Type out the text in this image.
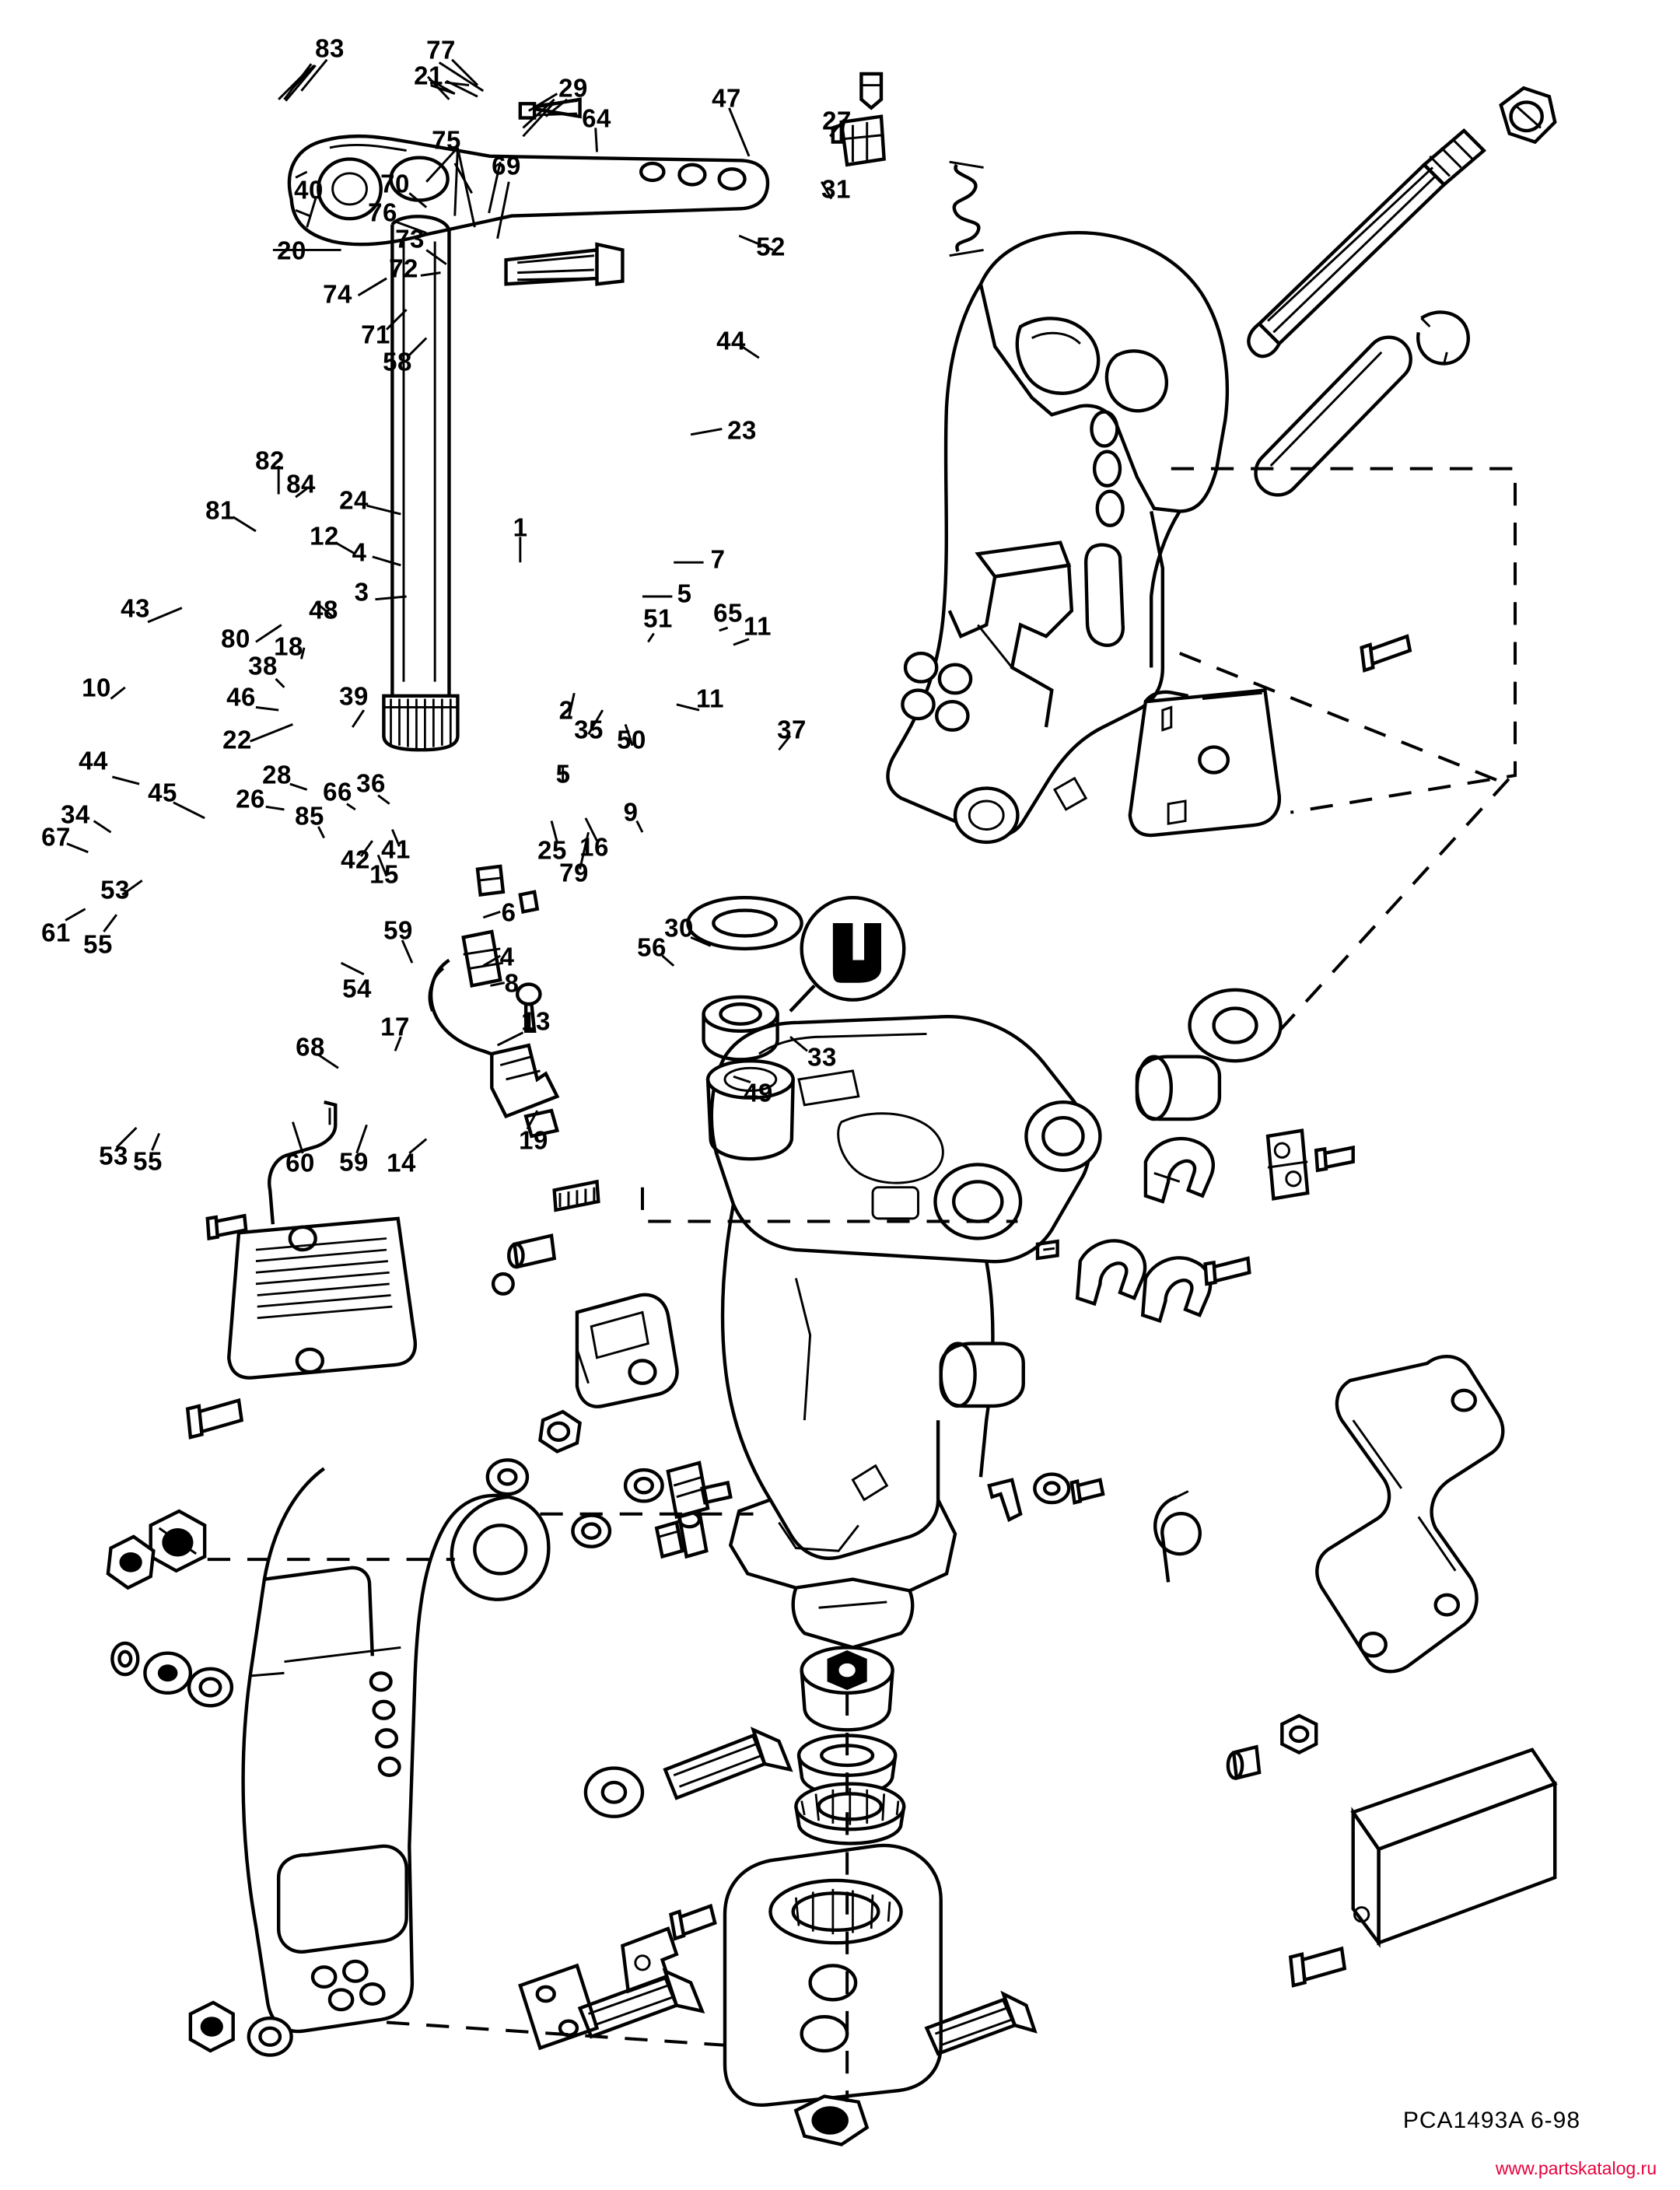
83	77
21	29
64
47
27
75
69
40 70	31
76
73
20	52
72
74
71	44
58
23
82
84
24
81
1
12
4	7
3
48
5
43
80
51 65 11
18
38
10	46	39	2	11
22	35 50	37
28	5
26 66 36
44
45
85	9
34
67	25 16
42 41
15	79
53
61 55
6
59	30
4	56
8
54
13
17
33
68
49
53 55	60 59 14
19
PCA1493A 6-98
www.partskatalog.ru
